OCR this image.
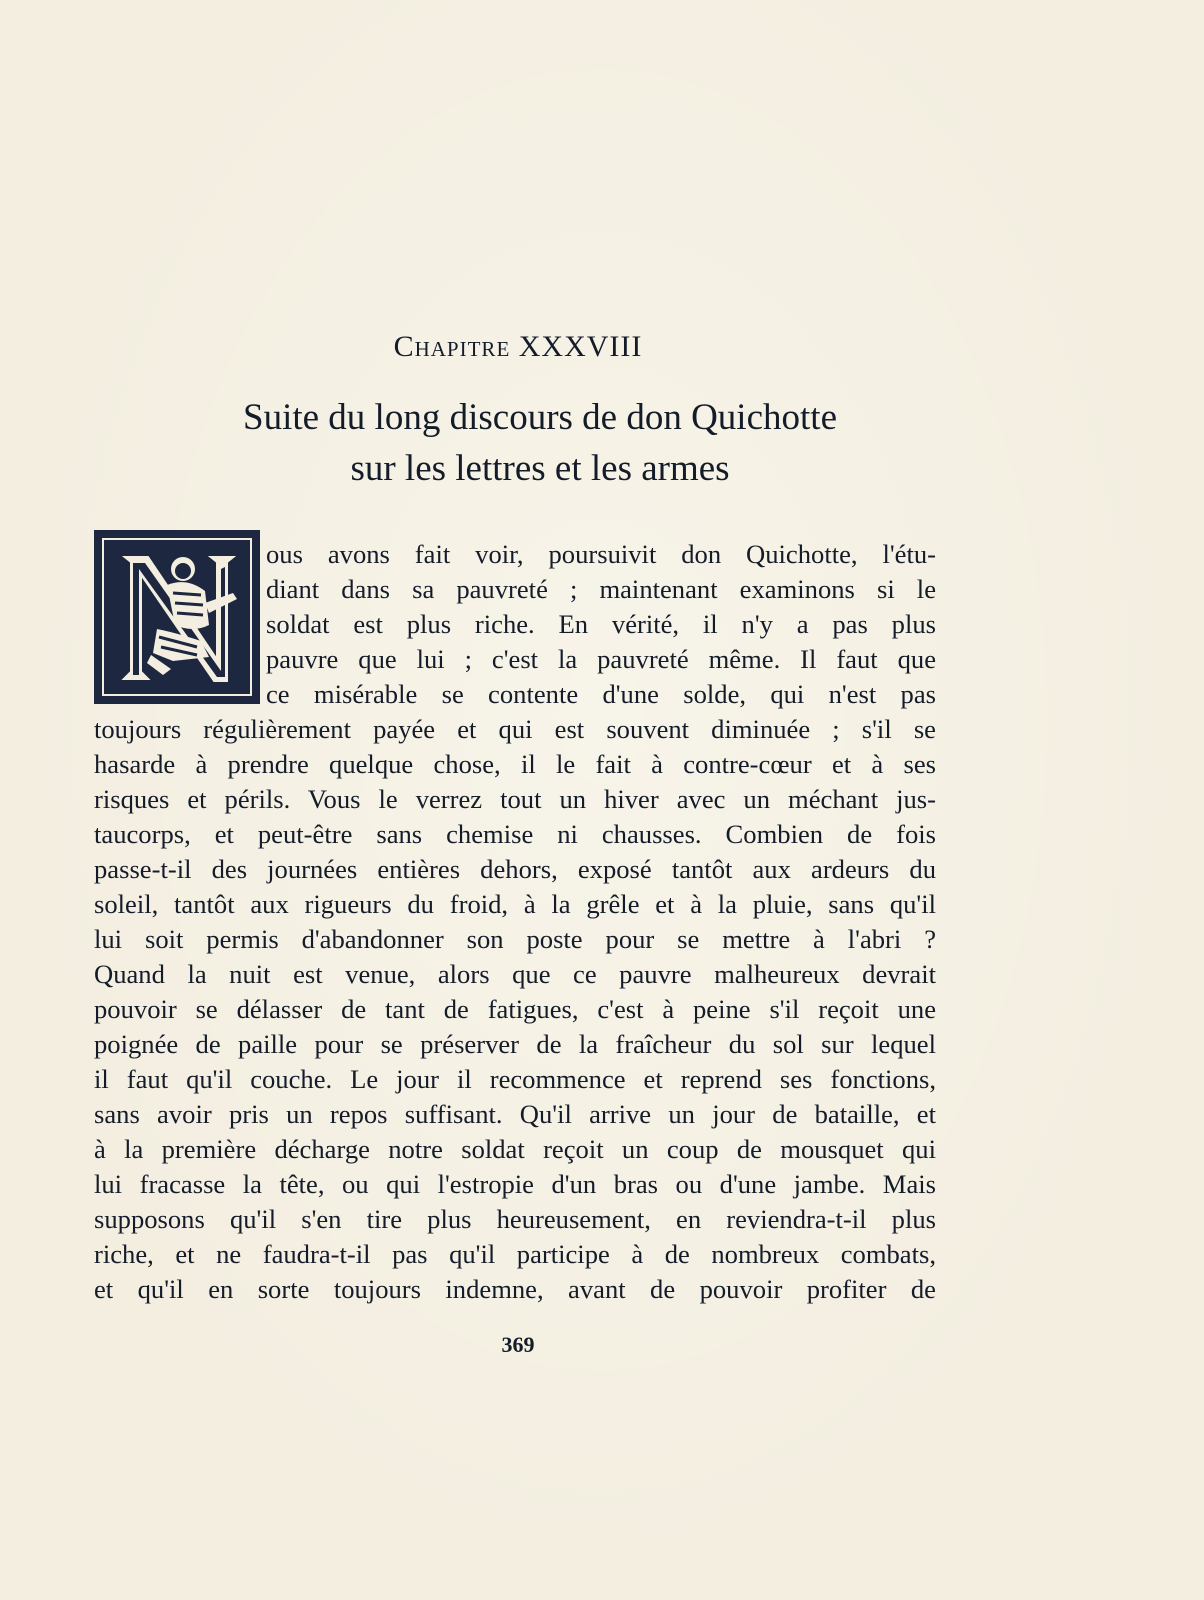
Chapitre XXXVIII
Suite du long discours de don Quichotte
sur les lettres et les armes
ous avons fait voir, poursuivit don Quichotte, l'étu-
diant dans sa pauvreté ; maintenant examinons si le
soldat est plus riche. En vérité, il n'y a pas plus
pauvre que lui ; c'est la pauvreté même. Il faut que
ce misérable se contente d'une solde, qui n'est pas
toujours régulièrement payée et qui est souvent diminuée ; s'il se
hasarde à prendre quelque chose, il le fait à contre-cœur et à ses
risques et périls. Vous le verrez tout un hiver avec un méchant jus-
taucorps, et peut-être sans chemise ni chausses. Combien de fois
passe-t-il des journées entières dehors, exposé tantôt aux ardeurs du
soleil, tantôt aux rigueurs du froid, à la grêle et à la pluie, sans qu'il
lui soit permis d'abandonner son poste pour se mettre à l'abri ?
Quand la nuit est venue, alors que ce pauvre malheureux devrait
pouvoir se délasser de tant de fatigues, c'est à peine s'il reçoit une
poignée de paille pour se préserver de la fraîcheur du sol sur lequel
il faut qu'il couche. Le jour il recommence et reprend ses fonctions,
sans avoir pris un repos suffisant. Qu'il arrive un jour de bataille, et
à la première décharge notre soldat reçoit un coup de mousquet qui
lui fracasse la tête, ou qui l'estropie d'un bras ou d'une jambe. Mais
supposons qu'il s'en tire plus heureusement, en reviendra-t-il plus
riche, et ne faudra-t-il pas qu'il participe à de nombreux combats,
et qu'il en sorte toujours indemne, avant de pouvoir profiter de
369
